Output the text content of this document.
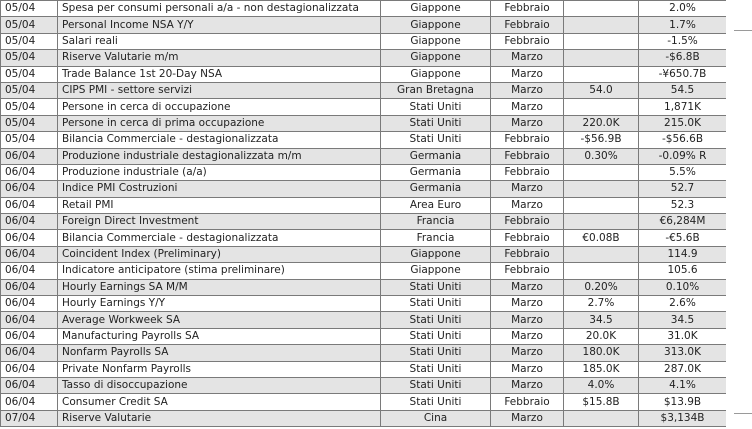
05/04	Spesa per consumi personali a/a - non destagionalizzata	Giappone	Febbraio		2.0%
05/04	Personal Income NSA Y/Y	Giappone	Febbraio		1.7%
05/04	Salari reali	Giappone	Febbraio		-1.5%
05/04	Riserve Valutarie m/m	Giappone	Marzo		-$6.8B
05/04	Trade Balance 1st 20-Day NSA	Giappone	Marzo		-¥650.7B
05/04	CIPS PMI - settore servizi	Gran Bretagna	Marzo	54.0	54.5
05/04	Persone in cerca di occupazione	Stati Uniti	Marzo		1,871K
05/04	Persone in cerca di prima occupazione	Stati Uniti	Marzo	220.0K	215.0K
05/04	Bilancia Commerciale - destagionalizzata	Stati Uniti	Febbraio	-$56.9B	-$56.6B
06/04	Produzione industriale destagionalizzata m/m	Germania	Febbraio	0.30%	-0.09% R
06/04	Produzione industriale (a/a)	Germania	Febbraio		5.5%
06/04	Indice PMI Costruzioni	Germania	Marzo		52.7
06/04	Retail PMI	Area Euro	Marzo		52.3
06/04	Foreign Direct Investment	Francia	Febbraio		€6,284M
06/04	Bilancia Commerciale - destagionalizzata	Francia	Febbraio	€0.08B	-€5.6B
06/04	Coincident Index (Preliminary)	Giappone	Febbraio		114.9
06/04	Indicatore anticipatore (stima preliminare)	Giappone	Febbraio		105.6
06/04	Hourly Earnings SA M/M	Stati Uniti	Marzo	0.20%	0.10%
06/04	Hourly Earnings Y/Y	Stati Uniti	Marzo	2.7%	2.6%
06/04	Average Workweek SA	Stati Uniti	Marzo	34.5	34.5
06/04	Manufacturing Payrolls SA	Stati Uniti	Marzo	20.0K	31.0K
06/04	Nonfarm Payrolls SA	Stati Uniti	Marzo	180.0K	313.0K
06/04	Private Nonfarm Payrolls	Stati Uniti	Marzo	185.0K	287.0K
06/04	Tasso di disoccupazione	Stati Uniti	Marzo	4.0%	4.1%
06/04	Consumer Credit SA	Stati Uniti	Febbraio	$15.8B	$13.9B
07/04	Riserve Valutarie	Cina	Marzo		$3,134B
